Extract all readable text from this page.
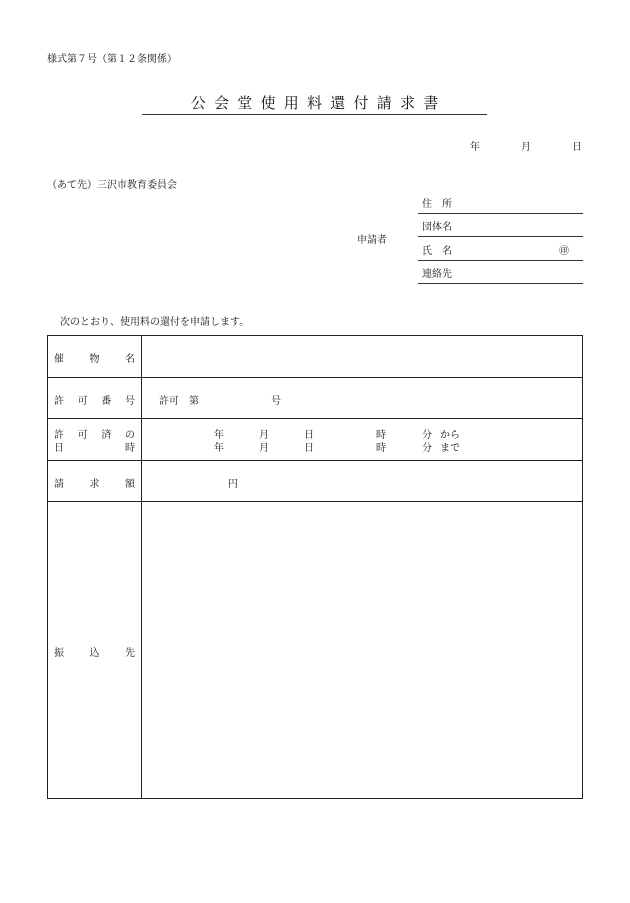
様式第７号（第１２条関係）
公会堂使用料還付請求書
年	月	日
（あて先）三沢市教育委員会
申請者
住　所
団体名
氏　名	㊞
連絡先
次のとおり、使用料の還付を申請します。
催	物	名
許 可 番 号 許可　第	号
許 可 済 の
日	時
年	月	日	時	分 から
年	月	日	時	分 まで
請	求	額	円
振	込	先
